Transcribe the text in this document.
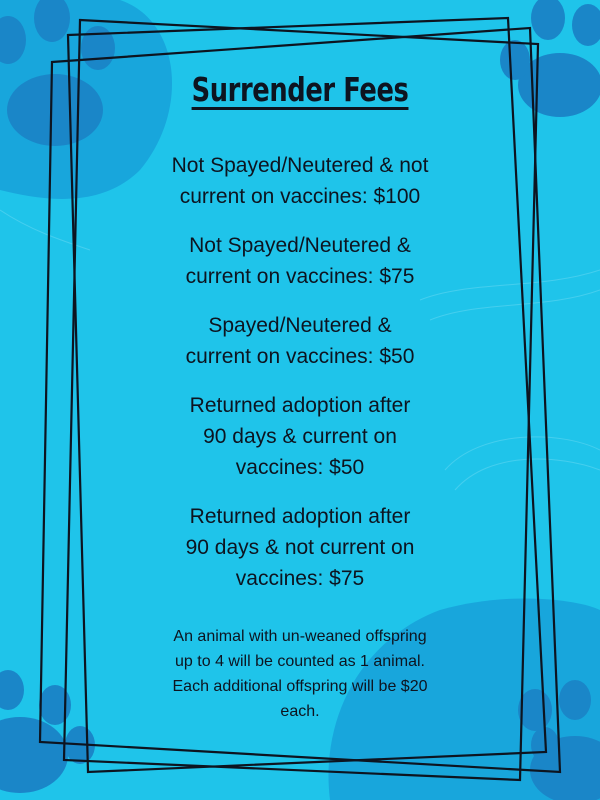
Surrender Fees

Not Spayed/Neutered & not
current on vaccines: $100

Not Spayed/Neutered &
current on vaccines: $75

Spayed/Neutered &
current on vaccines: $50

Returned adoption after
90 days & current on
vaccines: $50

Returned adoption after
90 days & not current on
vaccines: $75

An animal with un-weaned offspring
up to 4 will be counted as 1 animal.
Each additional offspring will be $20
each.
